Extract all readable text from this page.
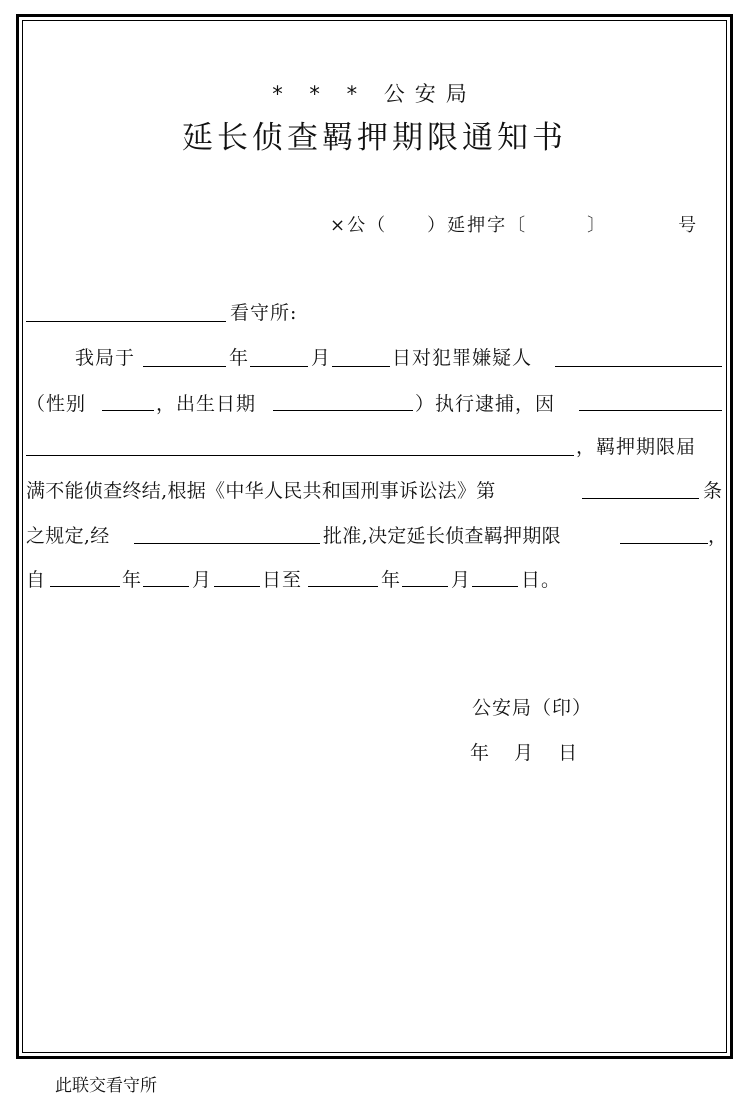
* * * 公安局
延长侦查羁押期限通知书
×公（　　）延押字〔　　　〕　　　　号
看守所:
我局于	年	月	日对犯罪嫌疑人
（性别	，出生日期	）执行逮捕，因
，羁押期限届
满不能侦查终结,根据《中华人民共和国刑事诉讼法》第	条
之规定,经	批准,决定延长侦查羁押期限	，
自	年	月	日至	年	月	日。
公安局（印）
年　 月　 日
此联交看守所
